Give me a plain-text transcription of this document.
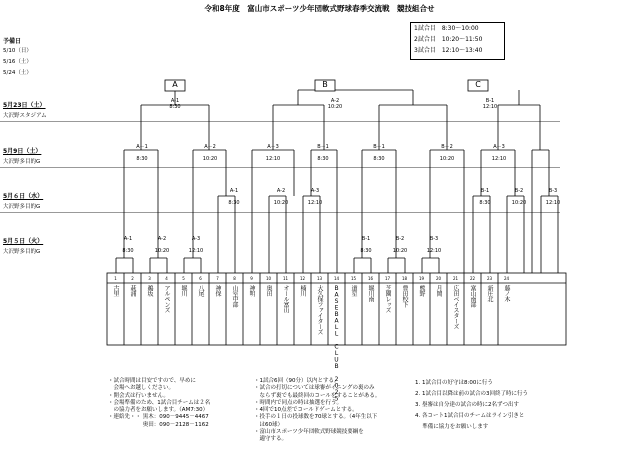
令和8年度　富山市スポーツ少年団軟式野球春季交流戦　競技組合せ
1試合目　8:30～10:00
2試合目　10:20～11:50
3試合目　12:10～13:40
予備日
5/10（日）
5/16（土）
5/24（土）
5月23日（土）
大沢野スタジアム
5月9日（土）
大沢野多目的G
5月６日（水）
大沢野多目的G
5月５日（火）
大沢野多目的G
A	B	C
A-1
8:30
A-2
10:20
B-1
12:10
A－1

8:30
A－2

10:20
A－3

12:10
B－1

8:30
B－1

8:30
B－2

10:20
A－3

12:10
A-1

8:30
A-2

10:20
A-3

12:10
B-1

8:30
B-2

10:20
B-3

12:10
A-1

8:30
A-2

10:20
A-3

12:10
B-1

8:30
B-2

10:20
B-3

12:10
1
古里
2
萩浦
3
鵜坂
4
アルペンズ
5
堀川
6
八尾
7
神保
8
山室中部
9
神明
10
奥田
11
オール富山
12
楠川
13
大久保ファイターズ
14
BASEBALL CLUB 2025
15
道星
16
堀川南
17
芝園レッズ
18
豊田校下
19
熊野
20
月岡
21
広田ベイスターズ
22
富山南部
23
新庄北
24
藤ノ木
・試合時間は目安ですので、早めに
　会場へお越しください。
・開会式は行いません。
・会場準備のため、1試合目チームは２名
　の協力者をお願いします。（AM7:30）
・連絡先・・ 黒木：090－9445－4467
　　　　　　 奥田：090－2128－1162
・1試合6回（90分）以内とする。
・試合の打切については球審がイニングの裏のみ
　ならず裏でも最終回のコールをすることがある。
・時間内で同点の時は抽選を行う。
・4回で10点差でコールドゲームとする。
・投手の１日の投球数を70球とする。（4年生以下
　は60球）
・富山市スポーツ少年団軟式野球競技要綱を
　適守する。
1. 1試合目の好守は8:00に行う
2. 1試合目以降は前の試合の3回終了時に行う
3. 塁審は自分達の試合の時に2名ずつ出す
4. 各コート1試合目のチームはライン引きと
　 準備に協力をお願いします
